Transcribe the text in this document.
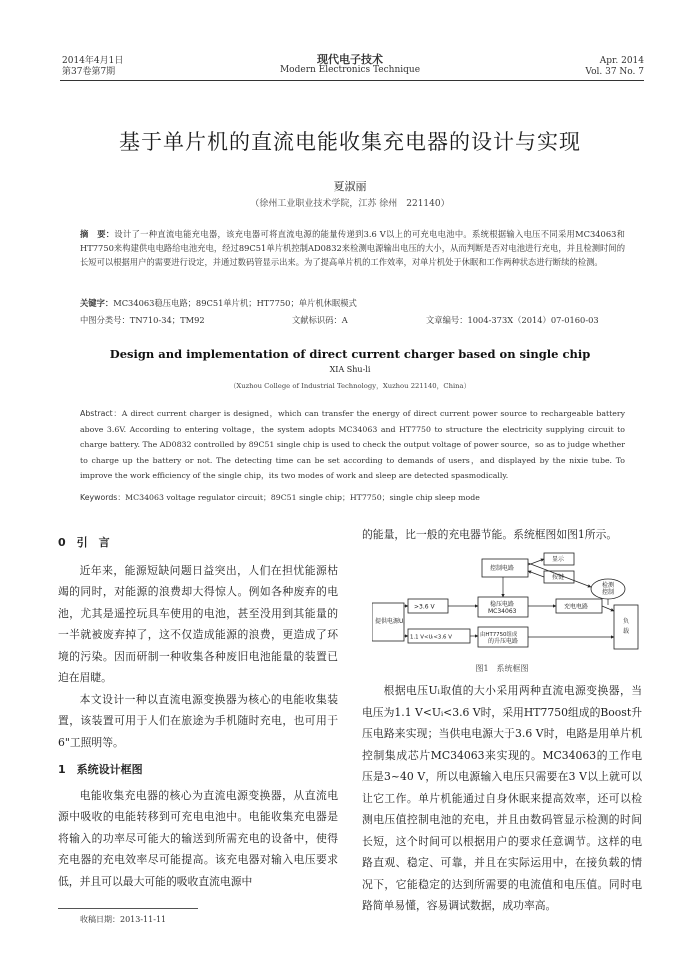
2014年4月1日
第37卷第7期
现代电子技术
Modern Electronics Technique
Apr. 2014
Vol. 37 No. 7
基于单片机的直流电能收集充电器的设计与实现
夏淑丽
（徐州工业职业技术学院，江苏 徐州　221140）
摘　要：设计了一种直流电能充电器，该充电器可将直流电源的能量传递到3.6 V以上的可充电电池中。系统根据输入电压不同采用MC34063和HT7750来构建供电电路给电池充电，经过89C51单片机控制AD0832来检测电源输出电压的大小，从而判断是否对电池进行充电，并且检测时间的长短可以根据用户的需要进行设定，并通过数码管显示出来。为了提高单片机的工作效率，对单片机处于休眠和工作两种状态进行断续的检测。
关键字：MC34063稳压电路；89C51单片机；HT7750；单片机休眠模式
中图分类号：TN710-34；TM92	文献标识码：A	文章编号：1004-373X（2014）07-0160-03
Design and implementation of direct current charger based on single chip
XIA Shu-li
（Xuzhou College of Industrial Technology，Xuzhou 221140，China）
Abstract：A direct current charger is designed，which can transfer the energy of direct current power source to rechargeable battery above 3.6V. According to entering voltage，the system adopts MC34063 and HT7750 to structure the electricity supplying circuit to charge battery. The AD0832 controlled by 89C51 single chip is used to check the output voltage of power source，so as to judge whether to charge up the battery or not. The detecting time can be set according to demands of users，and displayed by the nixie tube. To improve the work efficiency of the single chip，its two modes of work and sleep are detected spasmodically.
Keywords：MC34063 voltage regulator circuit；89C51 single chip；HT7750；single chip sleep mode
0　引　言
近年来，能源短缺问题日益突出，人们在担忧能源枯竭的同时，对能源的浪费却大得惊人。例如各种废弃的电池，尤其是遥控玩具车使用的电池，甚至没用到其能量的一半就被废弃掉了，这不仅造成能源的浪费，更造成了环境的污染。因而研制一种收集各种废旧电池能量的装置已迫在眉睫。
本文设计一种以直流电源变换器为核心的电能收集装置，该装置可用于人们在旅途为手机随时充电，也可用于6"工照明等。
1　系统设计框图
电能收集充电器的核心为直流电源变换器，从直流电源中吸收的电能转移到可充电电池中。电能收集充电器是将输入的功率尽可能大的输送到所需充电的设备中，使得充电器的充电效率尽可能提高。该充电器对输入电压要求低，并且可以最大可能的吸收直流电源中
收稿日期：2013-11-11
的能量，比一般的充电器节能。系统框图如图1所示。
提供电源$U_i$
>3.6 V
1.1 V<Uᵢ<3.6 V
控制电路
显示
按键
稳压电路
MC34063
由HT7750组成
的升压电路
充电电路
检测
控制
负
载
图1　系统框图
根据电压Uᵢ取值的大小采用两种直流电源变换器，当电压为1.1 V<Uᵢ<3.6 V时，采用HT7750组成的Boost升压电路来实现；当供电电源大于3.6 V时，电路是用单片机控制集成芯片MC34063来实现的。MC34063的工作电压是3~40 V，所以电源输入电压只需要在3 V以上就可以让它工作。单片机能通过自身休眠来提高效率，还可以检测电压值控制电池的充电，并且由数码管显示检测的时间长短，这个时间可以根据用户的要求任意调节。这样的电路直观、稳定、可靠，并且在实际运用中，在接负载的情况下，它能稳定的达到所需要的电流值和电压值。同时电路简单易懂，容易调试数据，成功率高。
